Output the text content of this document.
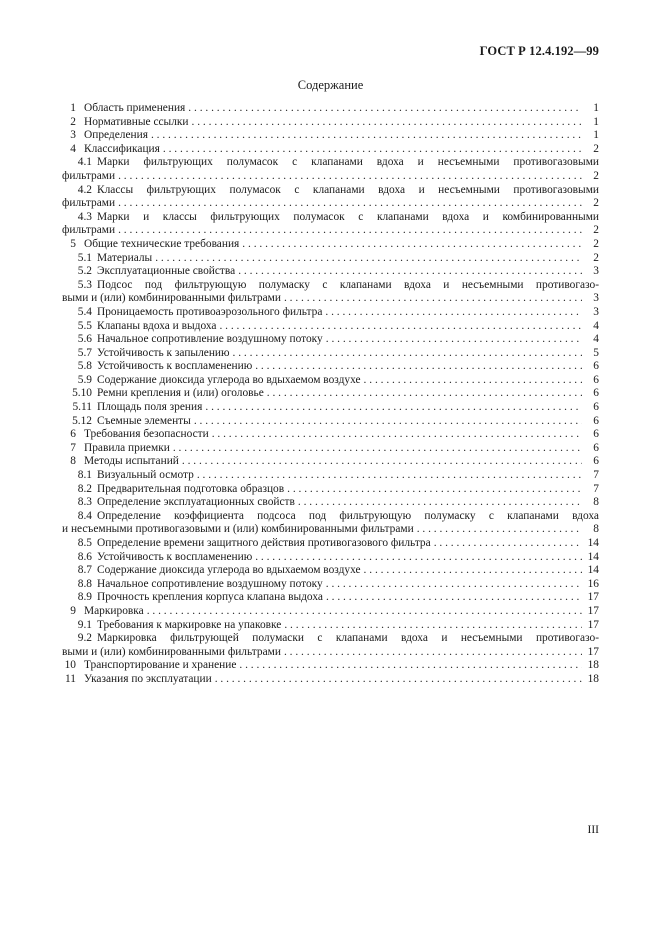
ГОСТ Р 12.4.192—99
Содержание
1 Область применения . . .	1
2 Нормативные ссылки . . .	1
3 Определения . . .	1
4 Классификация . . .	2
4.1 Марки фильтрующих полумасок с клапанами вдоха и несъемными противогазовыми
фильтрами . . .	2
4.2 Классы фильтрующих полумасок с клапанами вдоха и несъемными противогазовыми
фильтрами . . .	2
4.3 Марки и классы фильтрующих полумасок с клапанами вдоха и комбинированными
фильтрами . . .	2
5 Общие технические требования . . .	2
5.1 Материалы . . .	2
5.2 Эксплуатационные свойства . . .	3
5.3 Подсос под фильтрующую полумаску с клапанами вдоха и несъемными противогазо-
выми и (или) комбинированными фильтрами . . .	3
5.4 Проницаемость противоаэрозольного фильтра . . .	3
5.5 Клапаны вдоха и выдоха . . .	4
5.6 Начальное сопротивление воздушному потоку . . .	4
5.7 Устойчивость к запылению . . .	5
5.8 Устойчивость к воспламенению . . .	6
5.9 Содержание диоксида углерода во вдыхаемом воздухе . . .	6
5.10 Ремни крепления и (или) оголовье . . .	6
5.11 Площадь поля зрения . . .	6
5.12 Съемные элементы . . .	6
6 Требования безопасности . . .	6
7 Правила приемки . . .	6
8 Методы испытаний . . .	6
8.1 Визуальный осмотр . . .	7
8.2 Предварительная подготовка образцов . . .	7
8.3 Определение эксплуатационных свойств . . .	8
8.4 Определение коэффициента подсоса под фильтрующую полумаску с клапанами вдоха
и несъемными противогазовыми и (или) комбинированными фильтрами . . .	8
8.5 Определение времени защитного действия противогазового фильтра . . .	14
8.6 Устойчивость к воспламенению . . .	14
8.7 Содержание диоксида углерода во вдыхаемом воздухе . . .	14
8.8 Начальное сопротивление воздушному потоку . . .	16
8.9 Прочность крепления корпуса клапана выдоха . . .	17
9 Маркировка . . .	17
9.1 Требования к маркировке на упаковке . . .	17
9.2 Маркировка фильтрующей полумаски с клапанами вдоха и несъемными противогазо-
выми и (или) комбинированными фильтрами . . .	17
10 Транспортирование и хранение . . .	18
11 Указания по эксплуатации . . .	18
III
